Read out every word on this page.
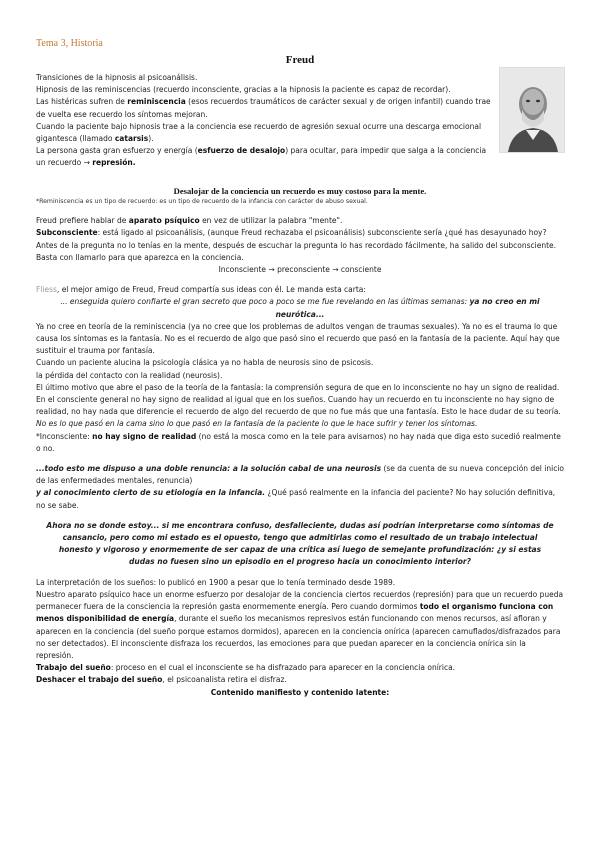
Tema 3, Historia
Freud

Transiciones de la hipnosis al psicoanálisis.

Hipnosis de las reminiscencias (recuerdo inconsciente, gracias a la hipnosis la paciente es capaz de recordar).

Las histéricas sufren de reminiscencia (esos recuerdos traumáticos de carácter sexual y de origen infantil) cuando trae de vuelta ese recuerdo los síntomas mejoran.

Cuando la paciente bajo hipnosis trae a la conciencia ese recuerdo de agresión sexual ocurre una descarga emocional gigantesca (llamado catarsis).

La persona gasta gran esfuerzo y energía (esfuerzo de desalojo) para ocultar, para impedir que salga a la conciencia un recuerdo → represión.

Desalojar de la conciencia un recuerdo es muy costoso para la mente.

*Reminiscencia es un tipo de recuerdo: es un tipo de recuerdo de la infancia con carácter de abuso sexual.

Freud prefiere hablar de aparato psíquico en vez de utilizar la palabra "mente".

Subconsciente: está ligado al psicoanálisis, (aunque Freud rechazaba el psicoanálisis) subconsciente sería ¿qué has desayunado hoy? Antes de la pregunta no lo tenías en la mente, después de escuchar la pregunta lo has recordado fácilmente, ha salido del subconsciente. Basta con llamarlo para que aparezca en la conciencia.

Inconsciente → preconsciente → consciente

Fliess, el mejor amigo de Freud, Freud compartía sus ideas con él. Le manda esta carta:

... enseguida quiero confiarte el gran secreto que poco a poco se me fue revelando en las últimas semanas: ya no creo en mi neurótica...

Ya no cree en teoría de la reminiscencia (ya no cree que los problemas de adultos vengan de traumas sexuales). Ya no es el trauma lo que causa los síntomas es la fantasía. No es el recuerdo de algo que pasó sino el recuerdo que pasó en la fantasía de la paciente. Aquí hay que sustituir el trauma por fantasía.

Cuando un paciente alucina la psicología clásica ya no habla de neurosis sino de psicosis.

la pérdida del contacto con la realidad (neurosis).

El último motivo que abre el paso de la teoría de la fantasía: la comprensión segura de que en lo inconsciente no hay un signo de realidad. En el consciente general no hay signo de realidad al igual que en los sueños. Cuando hay un recuerdo en tu inconsciente no hay signo de realidad, no hay nada que diferencie el recuerdo de algo del recuerdo de que no fue más que una fantasía. Esto le hace dudar de su teoría. No es lo que pasó en la cama sino lo que pasó en la fantasía de la paciente lo que le hace sufrir y tener los síntomas.

*Inconsciente: no hay signo de realidad (no está la mosca como en la tele para avisarnos) no hay nada que diga esto sucedió realmente o no.

...todo esto me dispuso a una doble renuncia: a la solución cabal de una neurosis (se da cuenta de su nueva concepción del inicio de las enfermedades mentales, renuncia)
y al conocimiento cierto de su etiología en la infancia. ¿Qué pasó realmente en la infancia del paciente? No hay solución definitiva, no se sabe.

Ahora no se donde estoy... si me encontrara confuso, desfalleciente, dudas así podrían interpretarse como síntomas de cansancio, pero como mi estado es el opuesto, tengo que admitirlas como el resultado de un trabajo intelectual honesto y vigoroso y enormemente de ser capaz de una crítica así luego de semejante profundización: ¿y si estas dudas no fuesen sino un episodio en el progreso hacia un conocimiento interior?

La interpretación de los sueños: lo publicó en 1900 a pesar que lo tenía terminado desde 1989.

Nuestro aparato psíquico hace un enorme esfuerzo por desalojar de la conciencia ciertos recuerdos (represión) para que un recuerdo pueda permanecer fuera de la consciencia la represión gasta enormemente energía. Pero cuando dormimos todo el organismo funciona con menos disponibilidad de energía, durante el sueño los mecanismos represivos están funcionando con menos recursos, así afloran y aparecen en la conciencia (del sueño porque estamos dormidos), aparecen en la conciencia onírica (aparecen camuflados/disfrazados para no ser detectados). El inconsciente disfraza los recuerdos, las emociones para que puedan aparecer en la conciencia onírica sin la represión.

Trabajo del sueño: proceso en el cual el inconsciente se ha disfrazado para aparecer en la conciencia onírica.

Deshacer el trabajo del sueño, el psicoanalista retira el disfraz.

Contenido manifiesto y contenido latente:
